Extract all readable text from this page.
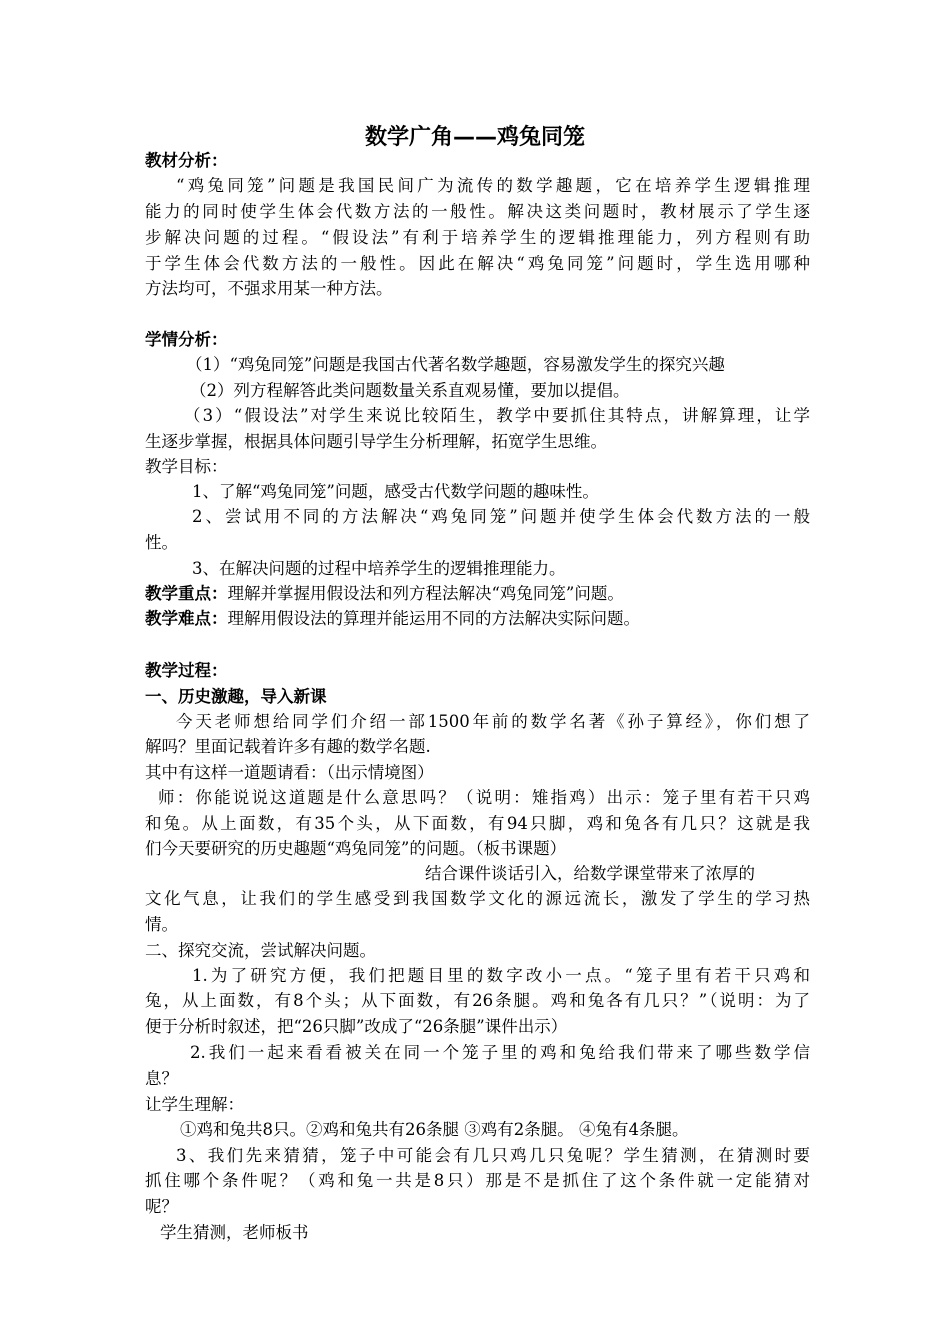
数学广角——鸡兔同笼
教材分析：
“鸡兔同笼”问题是我国民间广为流传的数学趣题，它在培养学生逻辑推理
能力的同时使学生体会代数方法的一般性。解决这类问题时，教材展示了学生逐
步解决问题的过程。“假设法”有利于培养学生的逻辑推理能力，列方程则有助
于学生体会代数方法的一般性。因此在解决“鸡兔同笼”问题时，学生选用哪种
方法均可，不强求用某一种方法。
学情分析：
（1）“鸡兔同笼”问题是我国古代著名数学趣题，容易激发学生的探究兴趣
（2）列方程解答此类问题数量关系直观易懂，要加以提倡。
（3）“假设法”对学生来说比较陌生，教学中要抓住其特点，讲解算理，让学
生逐步掌握，根据具体问题引导学生分析理解，拓宽学生思维。
教学目标：
1、了解“鸡兔同笼”问题，感受古代数学问题的趣味性。
2、尝试用不同的方法解决“鸡兔同笼”问题并使学生体会代数方法的一般
性。
3、在解决问题的过程中培养学生的逻辑推理能力。
教学重点：理解并掌握用假设法和列方程法解决“鸡兔同笼”问题。
教学难点：理解用假设法的算理并能运用不同的方法解决实际问题。
教学过程：
一、历史激趣，导入新课
今天老师想给同学们介绍一部1500年前的数学名著《孙子算经》，你们想了
解吗？里面记载着许多有趣的数学名题.
其中有这样一道题请看：（出示情境图）
师：你能说说这道题是什么意思吗？（说明：雉指鸡）出示：笼子里有若干只鸡
和兔。从上面数，有35个头，从下面数，有94只脚，鸡和兔各有几只？这就是我
们今天要研究的历史趣题“鸡兔同笼”的问题。（板书课题）
结合课件谈话引入，给数学课堂带来了浓厚的
文化气息，让我们的学生感受到我国数学文化的源远流长，激发了学生的学习热
情。
二、探究交流，尝试解决问题。
1.为了研究方便，我们把题目里的数字改小一点。“笼子里有若干只鸡和
兔，从上面数，有8个头；从下面数，有26条腿。鸡和兔各有几只？”（说明：为了
便于分析时叙述，把“26只脚”改成了“26条腿”课件出示）
2.我们一起来看看被关在同一个笼子里的鸡和兔给我们带来了哪些数学信
息？
让学生理解：
①鸡和兔共8只。②鸡和兔共有26条腿 ③鸡有2条腿。 ④兔有4条腿。
3、我们先来猜猜，笼子中可能会有几只鸡几只兔呢？学生猜测，在猜测时要
抓住哪个条件呢？（鸡和兔一共是8只）那是不是抓住了这个条件就一定能猜对
呢？
学生猜测，老师板书
